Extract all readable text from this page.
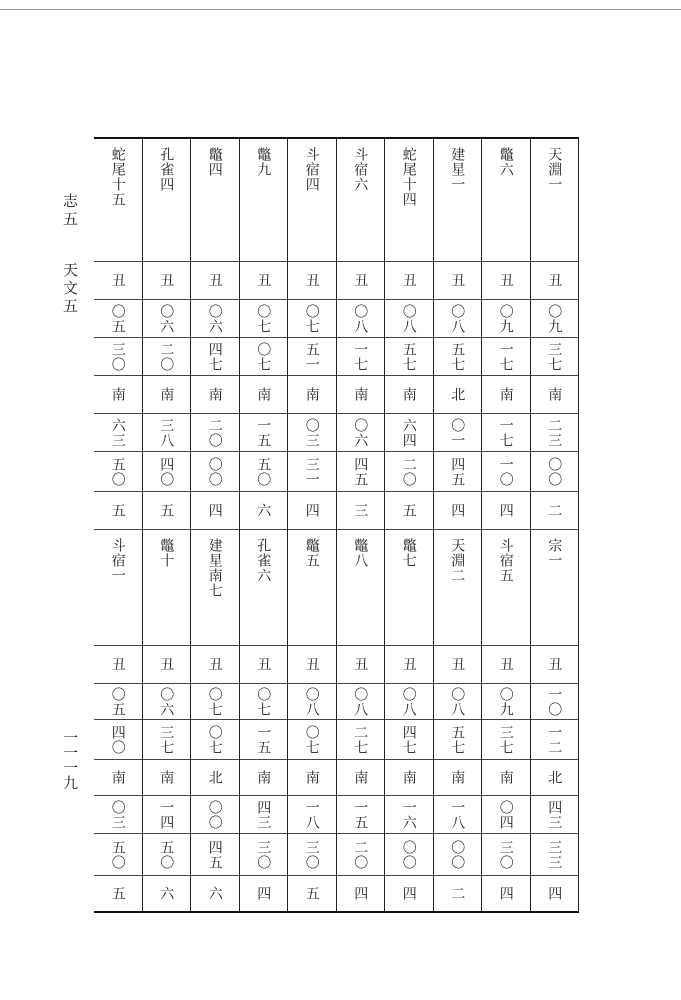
志五
天文五
一一一九
蛇尾十五
丑
〇五
三〇
南
六三
五〇
五
斗宿一
丑
〇五
四〇
南
〇三
五〇
五
孔雀四
丑
〇六
二〇
南
三八
四〇
五
鼈十
丑
〇六
三七
南
一四
五〇
六
鼈四
丑
〇六
四七
南
二〇
〇〇
四
建星南七
丑
〇七
〇七
北
〇〇
四五
六
鼈九
丑
〇七
〇七
南
一五
五〇
六
孔雀六
丑
〇七
一五
南
四三
三〇
四
斗宿四
丑
〇七
五一
南
〇三
三一
四
鼈五
丑
〇八
〇七
南
一八
三〇
五
斗宿六
丑
〇八
一七
南
〇六
四五
三
鼈八
丑
〇八
二七
南
一五
二〇
四
蛇尾十四
丑
〇八
五七
南
六四
二〇
五
鼈七
丑
〇八
四七
南
一六
〇〇
四
建星一
丑
〇八
五七
北
〇一
四五
四
天淵二
丑
〇八
五七
南
一八
〇〇
二
鼈六
丑
〇九
一七
南
一七
一〇
四
斗宿五
丑
〇九
三七
南
〇四
三〇
四
天淵一
丑
〇九
三七
南
二三
〇〇
二
宗一
丑
一〇
一二
北
四三
三三
四
